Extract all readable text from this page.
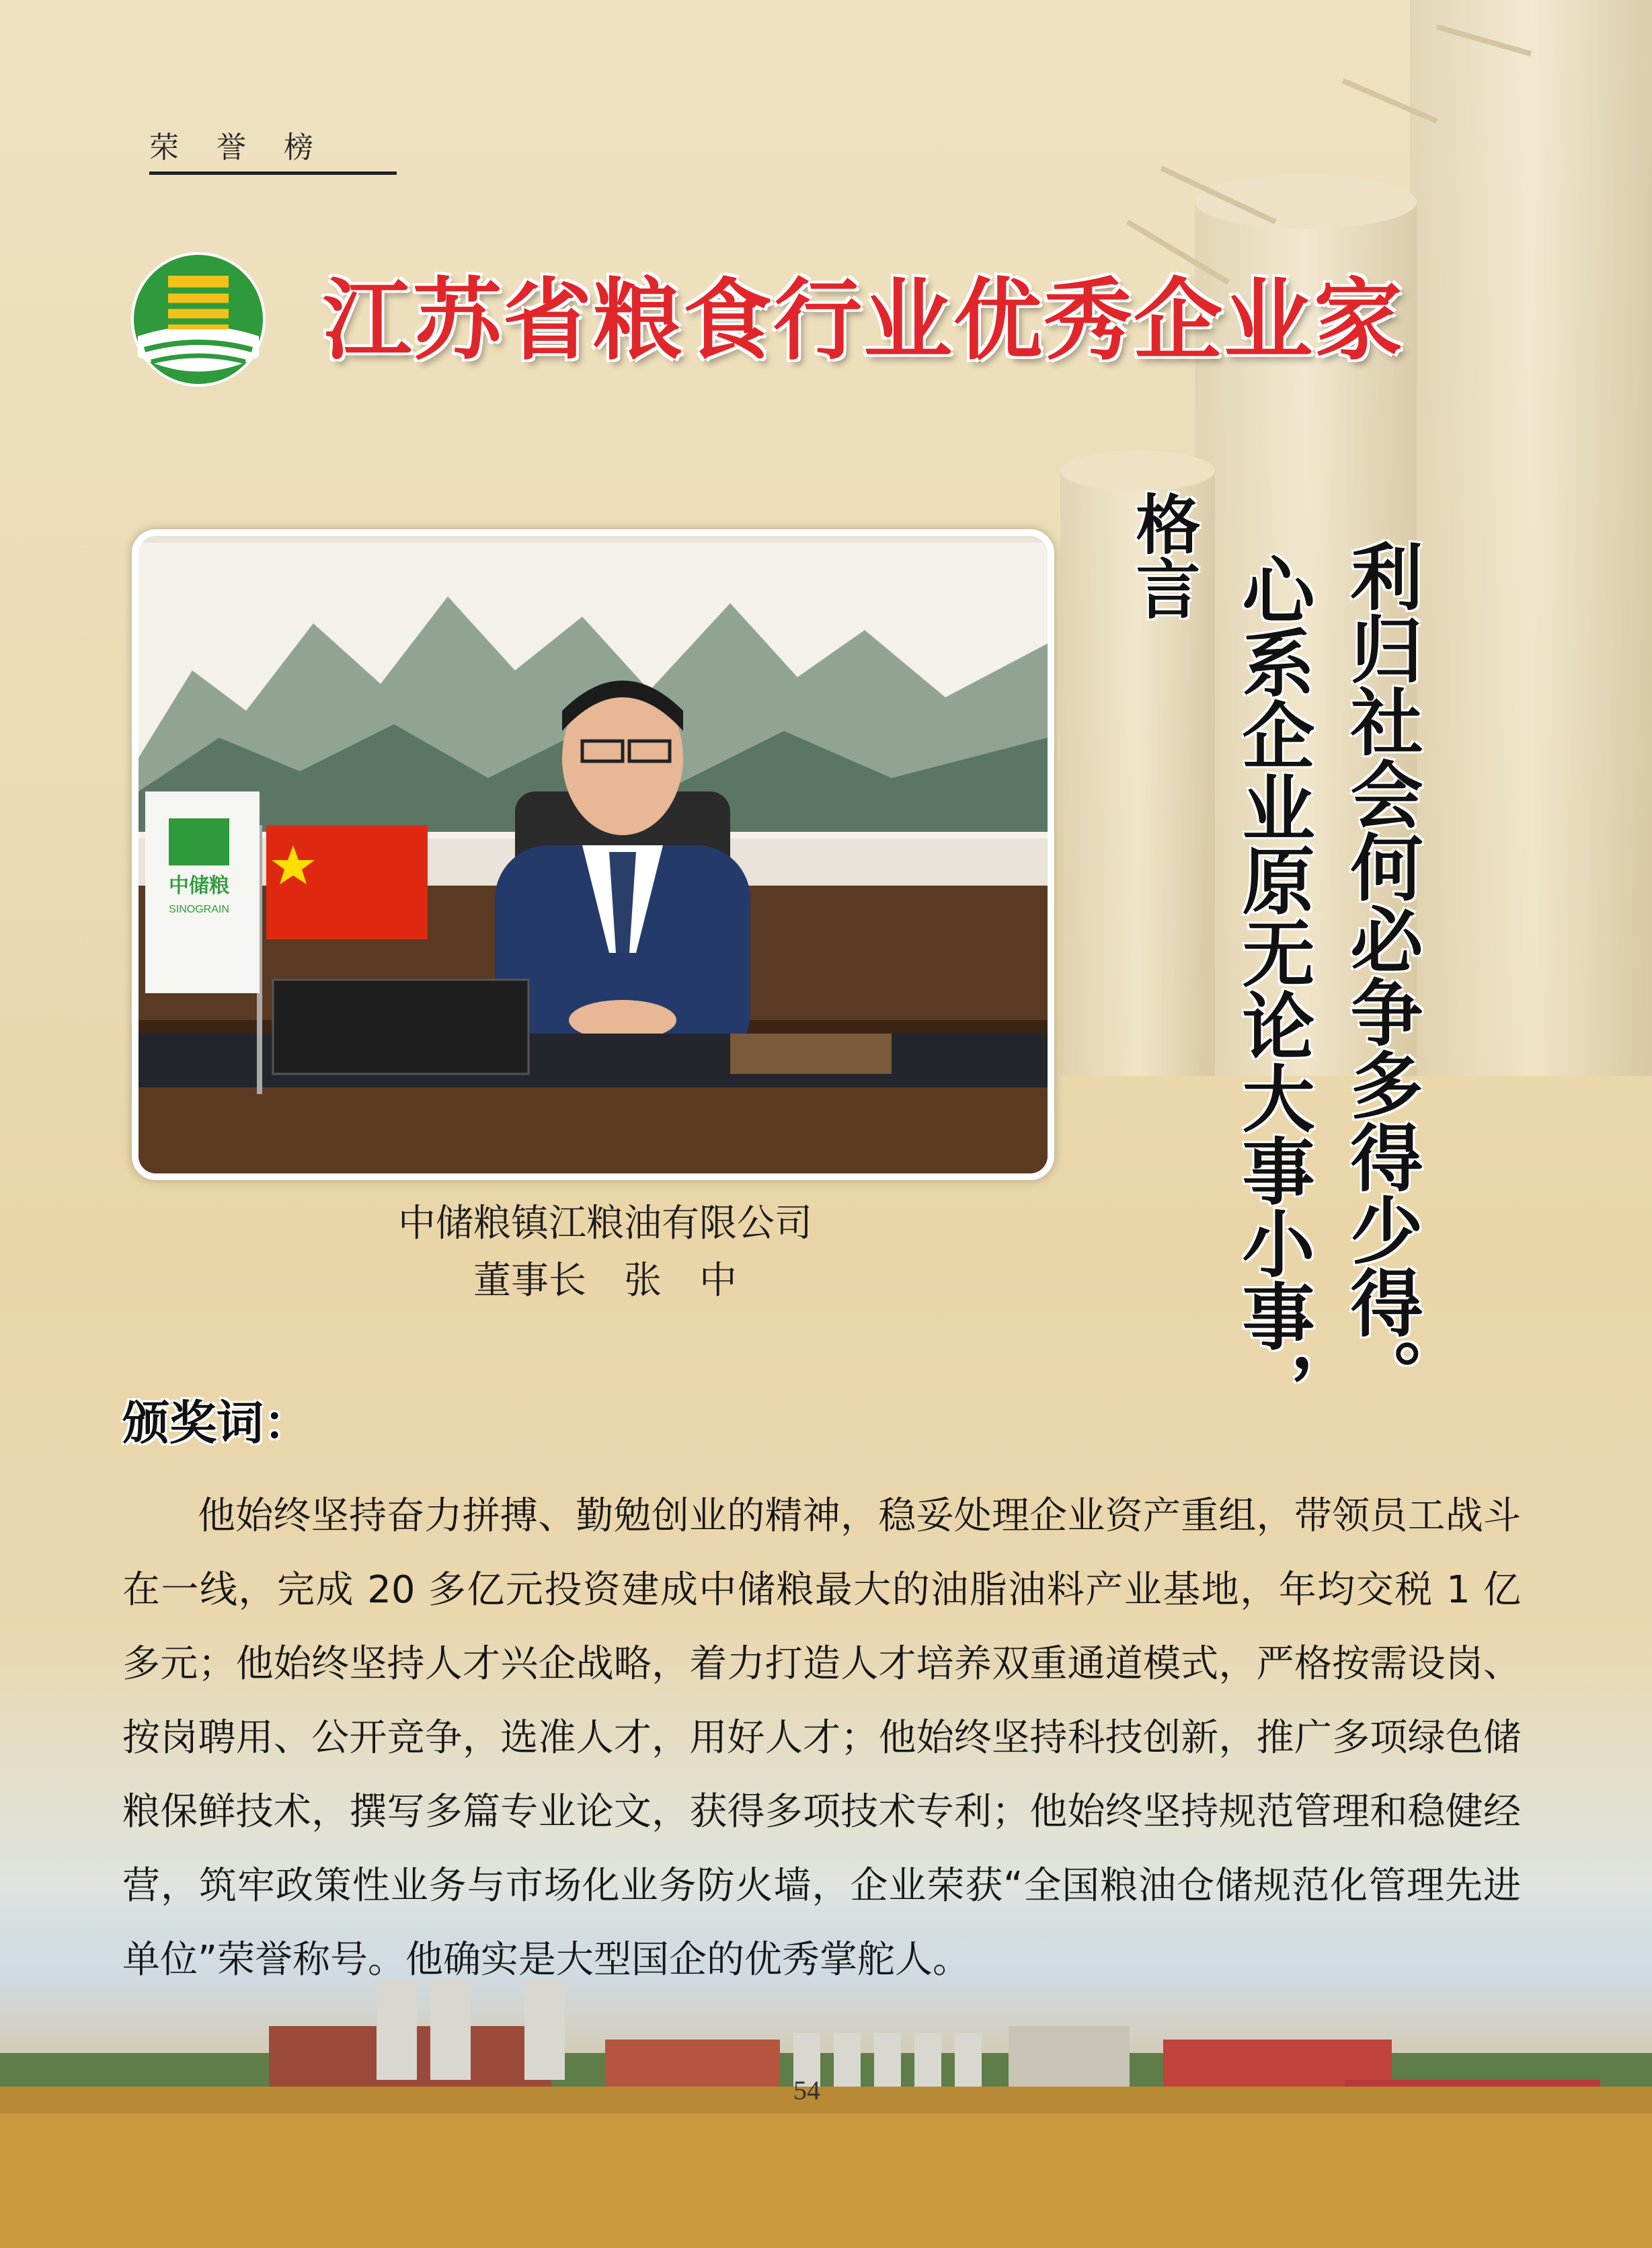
荣誉榜
江苏省粮食行业优秀企业家
格言 利归社会何必争多得少得。
心系企业原无论大事小事，
中储粮
SINOGRAIN
中储粮镇江粮油有限公司
董事长　张　中
颁奖词：
他始终坚持奋力拼搏、勤勉创业的精神，稳妥处理企业资产重组，带领员工战斗在一线，完成 20 多亿元投资建成中储粮最大的油脂油料产业基地，年均交税 1 亿多元；他始终坚持人才兴企战略，着力打造人才培养双重通道模式，严格按需设岗、按岗聘用、公开竞争，选准人才，用好人才；他始终坚持科技创新，推广多项绿色储粮保鲜技术，撰写多篇专业论文，获得多项技术专利；他始终坚持规范管理和稳健经营，筑牢政策性业务与市场化业务防火墙，企业荣获“全国粮油仓储规范化管理先进单位”荣誉称号。他确实是大型国企的优秀掌舵人。
54
